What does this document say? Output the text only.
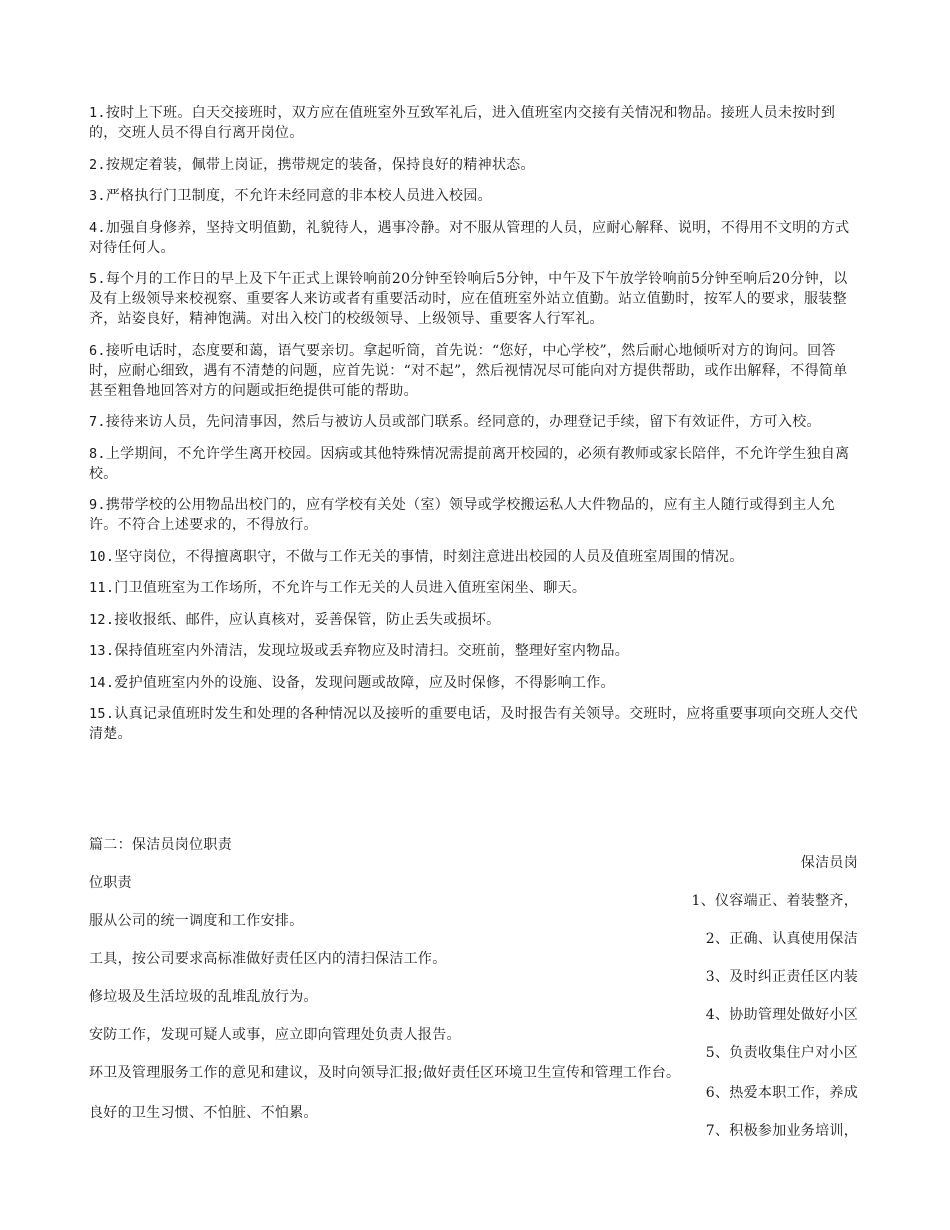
1.按时上下班。白天交接班时，双方应在值班室外互致军礼后，进入值班室内交接有关情况和物品。接班人员未按时到的，交班人员不得自行离开岗位。

2.按规定着装，佩带上岗证，携带规定的装备，保持良好的精神状态。

3.严格执行门卫制度，不允许未经同意的非本校人员进入校园。

4.加强自身修养，坚持文明值勤，礼貌待人，遇事冷静。对不服从管理的人员，应耐心解释、说明，不得用不文明的方式对待任何人。

5.每个月的工作日的早上及下午正式上课铃响前20分钟至铃响后5分钟，中午及下午放学铃响前5分钟至响后20分钟，以及有上级领导来校视察、重要客人来访或者有重要活动时，应在值班室外站立值勤。站立值勤时，按军人的要求，服装整齐，站姿良好，精神饱满。对出入校门的校级领导、上级领导、重要客人行军礼。

6.接听电话时，态度要和蔼，语气要亲切。拿起听筒，首先说：“您好，中心学校”，然后耐心地倾听对方的询问。回答时，应耐心细致，遇有不清楚的问题，应首先说：“对不起”，然后视情况尽可能向对方提供帮助，或作出解释，不得简单甚至粗鲁地回答对方的问题或拒绝提供可能的帮助。

7.接待来访人员，先问清事因，然后与被访人员或部门联系。经同意的，办理登记手续，留下有效证件，方可入校。

8.上学期间，不允许学生离开校园。因病或其他特殊情况需提前离开校园的，必须有教师或家长陪伴，不允许学生独自离校。

9.携带学校的公用物品出校门的，应有学校有关处（室）领导或学校搬运私人大件物品的，应有主人随行或得到主人允许。不符合上述要求的，不得放行。

10.坚守岗位，不得擅离职守，不做与工作无关的事情，时刻注意进出校园的人员及值班室周围的情况。

11.门卫值班室为工作场所，不允许与工作无关的人员进入值班室闲坐、聊天。

12.接收报纸、邮件，应认真核对，妥善保管，防止丢失或损坏。

13.保持值班室内外清洁，发现垃圾或丢弃物应及时清扫。交班前，整理好室内物品。

14.爱护值班室内外的设施、设备，发现问题或故障，应及时保修，不得影响工作。

15.认真记录值班时发生和处理的各种情况以及接听的重要电话，及时报告有关领导。交班时，应将重要事项向交班人交代清楚。

篇二：保洁员岗位职责
保洁员岗
位职责
1、仪容端正、着装整齐，
服从公司的统一调度和工作安排。
2、正确、认真使用保洁
工具，按公司要求高标准做好责任区内的清扫保洁工作。
3、及时纠正责任区内装
修垃圾及生活垃圾的乱堆乱放行为。
4、协助管理处做好小区
安防工作，发现可疑人或事，应立即向管理处负责人报告。
5、负责收集住户对小区
环卫及管理服务工作的意见和建议，及时向领导汇报;做好责任区环境卫生宣传和管理工作台。
6、热爱本职工作，养成
良好的卫生习惯、不怕脏、不怕累。
7、积极参加业务培训，
